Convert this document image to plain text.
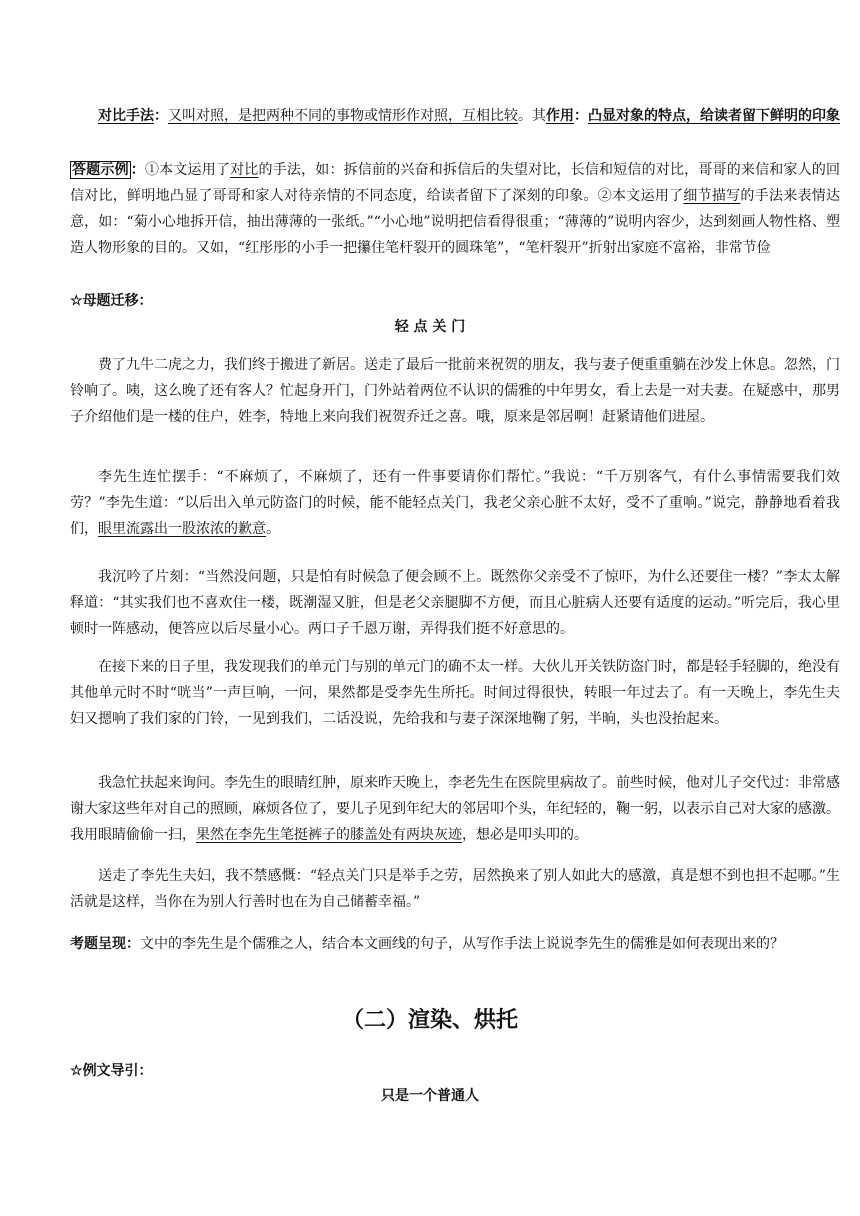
对比手法：又叫对照，是把两种不同的事物或情形作对照，互相比较。其作用：凸显对象的特点，给读者留下鲜明的印象
答题示例 ：①本文运用了对比的手法，如：拆信前的兴奋和拆信后的失望对比，长信和短信的对比，哥哥的来信和家人的回信对比，鲜明地凸显了哥哥和家人对待亲情的不同态度，给读者留下了深刻的印象。②本文运用了细节描写的手法来表情达意，如：“菊小心地拆开信，抽出薄薄的一张纸。”“小心地”说明把信看得很重；“薄薄的”说明内容少，达到刻画人物性格、塑造人物形象的目的。又如，“红彤彤的小手一把攥住笔杆裂开的圆珠笔”，“笔杆裂开”折射出家庭不富裕，非常节俭
☆母题迁移：
轻 点 关 门
费了九牛二虎之力，我们终于搬进了新居。送走了最后一批前来祝贺的朋友，我与妻子便重重躺在沙发上休息。忽然，门铃响了。咦，这么晚了还有客人？忙起身开门，门外站着两位不认识的儒雅的中年男女，看上去是一对夫妻。在疑惑中，那男子介绍他们是一楼的住户，姓李，特地上来向我们祝贺乔迁之喜。哦，原来是邻居啊！赶紧请他们进屋。
李先生连忙摆手：“不麻烦了，不麻烦了，还有一件事要请你们帮忙。”我说：“千万别客气，有什么事情需要我们效劳？”李先生道：“以后出入单元防盗门的时候，能不能轻点关门，我老父亲心脏不太好，受不了重响。”说完，静静地看着我们，眼里流露出一股浓浓的歉意。
我沉吟了片刻：“当然没问题，只是怕有时候急了便会顾不上。既然你父亲受不了惊吓，为什么还要住一楼？”李太太解释道：“其实我们也不喜欢住一楼，既潮湿又脏，但是老父亲腿脚不方便，而且心脏病人还要有适度的运动。”听完后，我心里顿时一阵感动，便答应以后尽量小心。两口子千恩万谢，弄得我们挺不好意思的。
在接下来的日子里，我发现我们的单元门与别的单元门的确不太一样。大伙儿开关铁防盗门时，都是轻手轻脚的，绝没有其他单元时不时“咣当”一声巨响，一问，果然都是受李先生所托。时间过得很快，转眼一年过去了。有一天晚上，李先生夫妇又摁响了我们家的门铃，一见到我们，二话没说，先给我和与妻子深深地鞠了躬，半晌，头也没抬起来。
我急忙扶起来询问。李先生的眼睛红肿，原来昨天晚上，李老先生在医院里病故了。前些时候，他对儿子交代过：非常感谢大家这些年对自己的照顾，麻烦各位了，要儿子见到年纪大的邻居叩个头，年纪轻的，鞠一躬，以表示自己对大家的感激。我用眼睛偷偷一扫，果然在李先生笔挺裤子的膝盖处有两块灰迹，想必是叩头叩的。
送走了李先生夫妇，我不禁感慨：“轻点关门只是举手之劳，居然换来了别人如此大的感激，真是想不到也担不起哪。”生活就是这样，当你在为别人行善时也在为自己储蓄幸福。”
考题呈现：文中的李先生是个儒雅之人，结合本文画线的句子，从写作手法上说说李先生的儒雅是如何表现出来的？
（二）渲染、烘托
☆例文导引：
只是一个普通人
